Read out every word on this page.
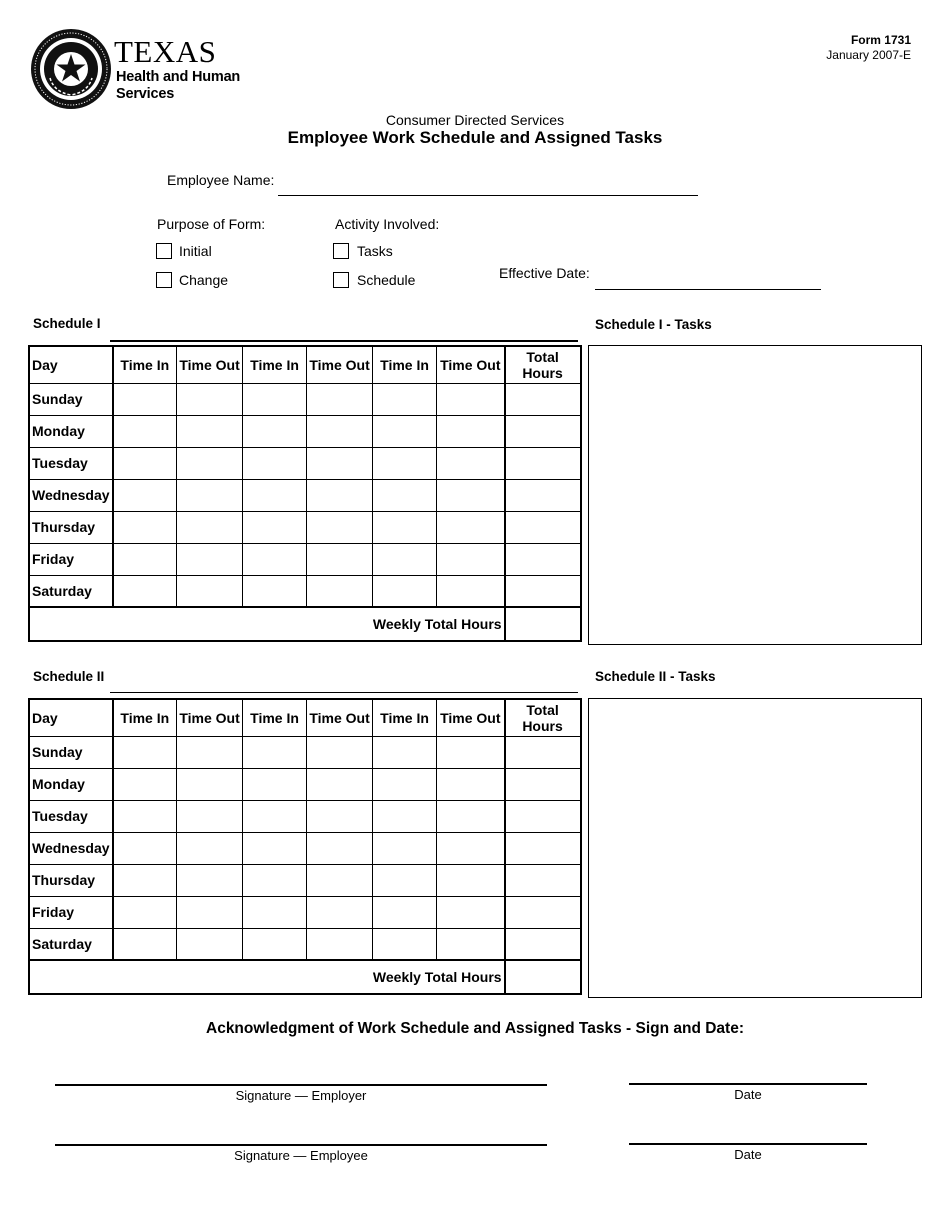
TEXAS
Health and Human
Services
Form 1731
January 2007-E
Consumer Directed Services
Employee Work Schedule and Assigned Tasks
Employee Name:
Purpose of Form:
Initial
Change
Activity Involved:
Tasks
Schedule	Effective Date:
Schedule I	Schedule I - Tasks
Day	Time In	Time Out	Time In	Time Out	Time In	Time Out	Total
Hours
Sunday							
Monday							
Tuesday							
Wednesday							
Thursday							
Friday							
Saturday							
Weekly Total Hours							
Schedule II	Schedule II - Tasks
Day	Time In	Time Out	Time In	Time Out	Time In	Time Out	Total
Hours
Sunday							
Monday							
Tuesday							
Wednesday							
Thursday							
Friday							
Saturday							
Weekly Total Hours							
Acknowledgment of Work Schedule and Assigned Tasks - Sign and Date:
Signature — Employer	Date
Signature — Employee	Date
